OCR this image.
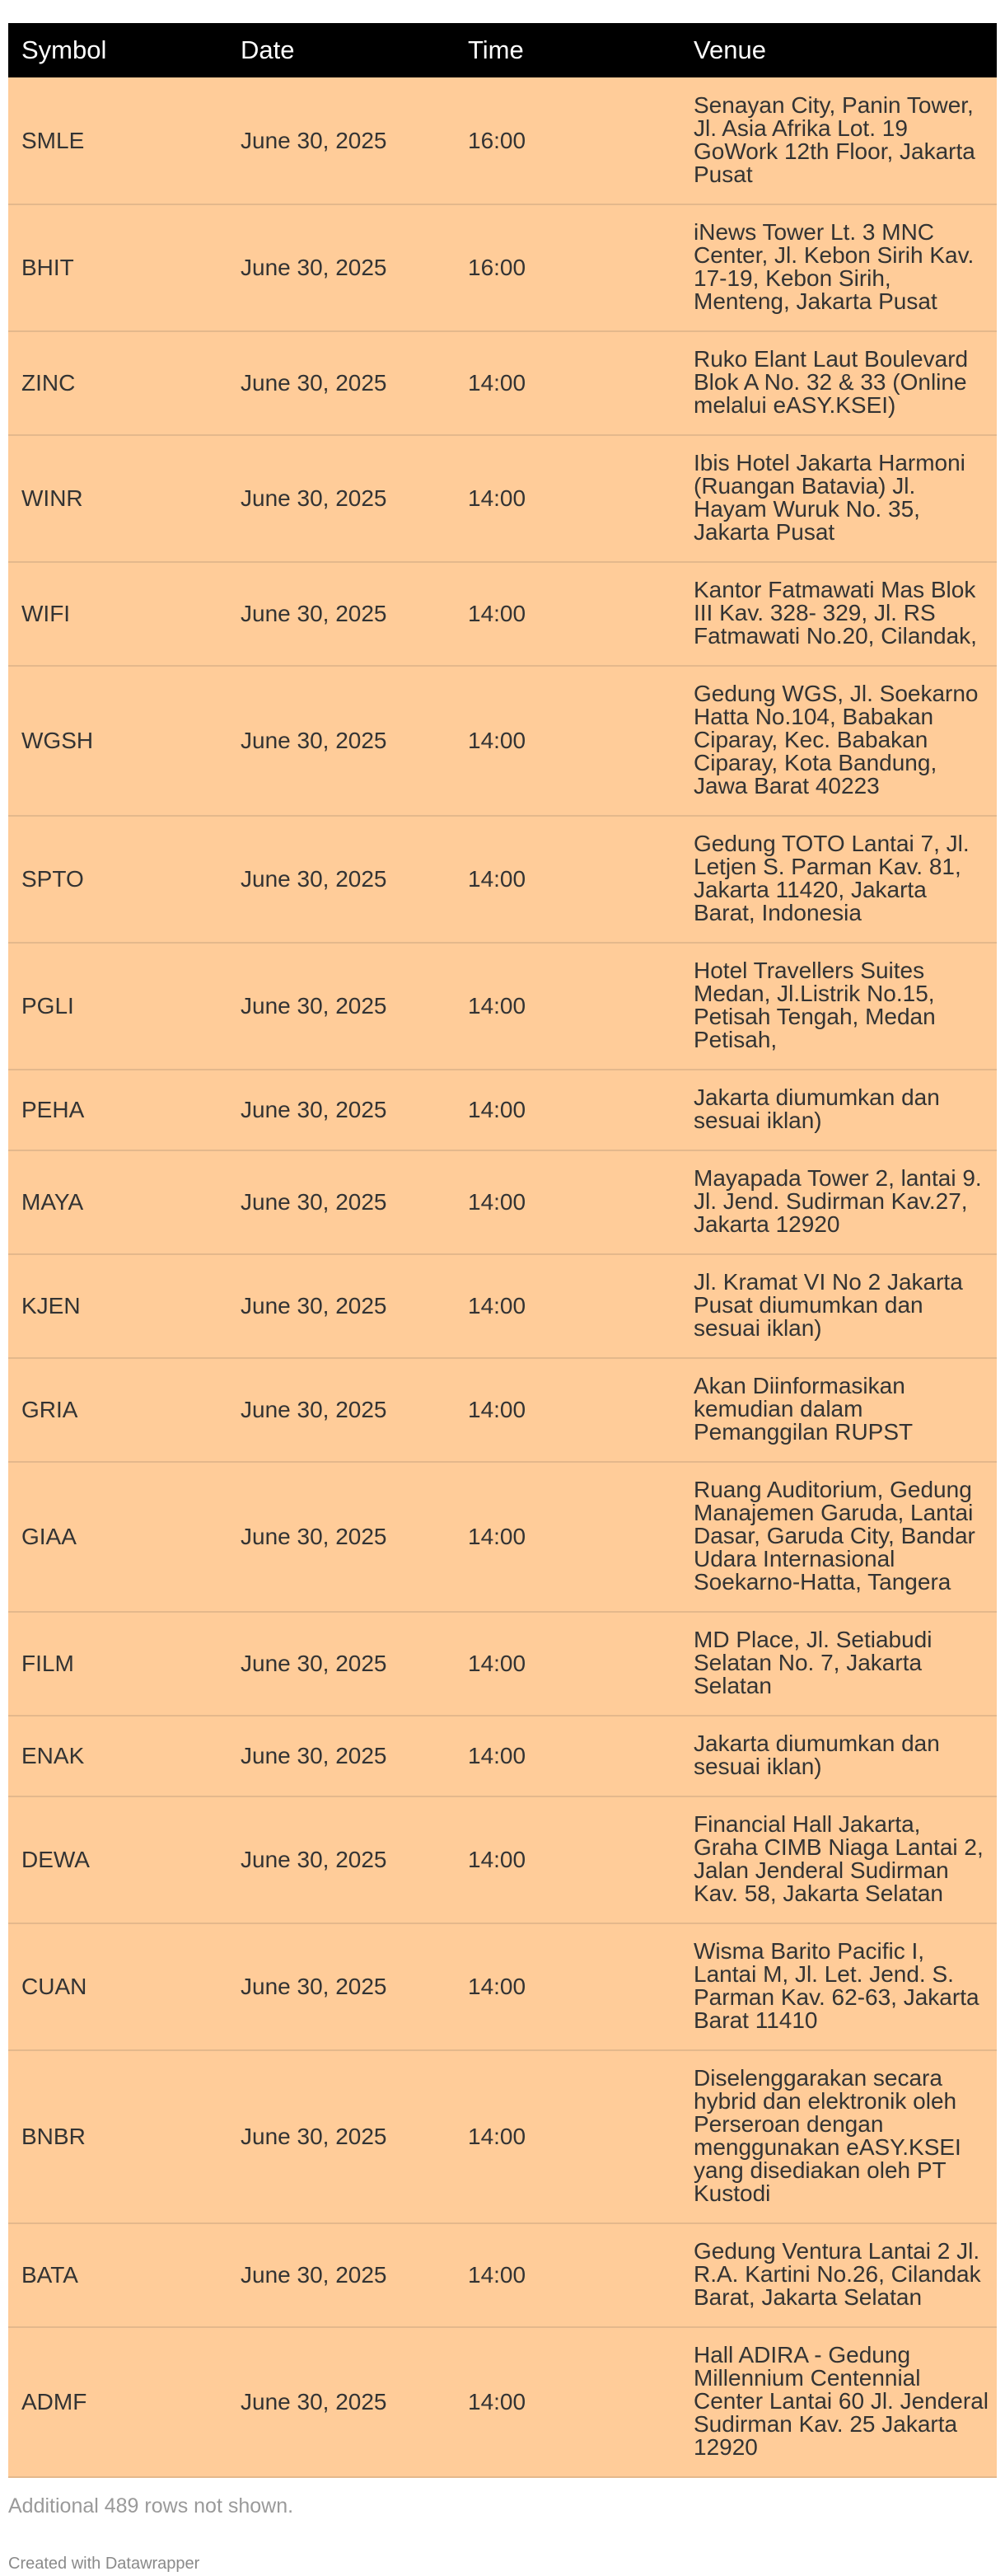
Symbol	Date	Time	Venue
SMLE	June 30, 2025	16:00	Senayan City, Panin Tower, Jl. Asia Afrika Lot. 19 GoWork 12th Floor, Jakarta Pusat
BHIT	June 30, 2025	16:00	iNews Tower Lt. 3 MNC Center, Jl. Kebon Sirih Kav. 17-19, Kebon Sirih, Menteng, Jakarta Pusat
ZINC	June 30, 2025	14:00	Ruko Elant Laut Boulevard Blok A No. 32 & 33 (Online melalui eASY.KSEI)
WINR	June 30, 2025	14:00	Ibis Hotel Jakarta Harmoni (Ruangan Batavia) Jl. Hayam Wuruk No. 35, Jakarta Pusat
WIFI	June 30, 2025	14:00	Kantor Fatmawati Mas Blok III Kav. 328- 329, Jl. RS Fatmawati No.20, Cilandak,
WGSH	June 30, 2025	14:00	Gedung WGS, Jl. Soekarno Hatta No.104, Babakan Ciparay, Kec. Babakan Ciparay, Kota Bandung, Jawa Barat 40223
SPTO	June 30, 2025	14:00	Gedung TOTO Lantai 7, Jl. Letjen S. Parman Kav. 81, Jakarta 11420, Jakarta Barat, Indonesia
PGLI	June 30, 2025	14:00	Hotel Travellers Suites Medan, Jl.Listrik No.15, Petisah Tengah, Medan Petisah,
PEHA	June 30, 2025	14:00	Jakarta diumumkan dan sesuai iklan)
MAYA	June 30, 2025	14:00	Mayapada Tower 2, lantai 9. Jl. Jend. Sudirman Kav.27, Jakarta 12920
KJEN	June 30, 2025	14:00	Jl. Kramat VI No 2 Jakarta Pusat diumumkan dan sesuai iklan)
GRIA	June 30, 2025	14:00	Akan Diinformasikan kemudian dalam Pemanggilan RUPST
GIAA	June 30, 2025	14:00	Ruang Auditorium, Gedung Manajemen Garuda, Lantai Dasar, Garuda City, Bandar Udara Internasional Soekarno-Hatta, Tangera
FILM	June 30, 2025	14:00	MD Place, Jl. Setiabudi Selatan No. 7, Jakarta Selatan
ENAK	June 30, 2025	14:00	Jakarta diumumkan dan sesuai iklan)
DEWA	June 30, 2025	14:00	Financial Hall Jakarta, Graha CIMB Niaga Lantai 2, Jalan Jenderal Sudirman Kav. 58, Jakarta Selatan
CUAN	June 30, 2025	14:00	Wisma Barito Pacific I, Lantai M, Jl. Let. Jend. S. Parman Kav. 62-63, Jakarta Barat 11410
BNBR	June 30, 2025	14:00	Diselenggarakan secara hybrid dan elektronik oleh Perseroan dengan menggunakan eASY.KSEI yang disediakan oleh PT Kustodi
BATA	June 30, 2025	14:00	Gedung Ventura Lantai 2 Jl. R.A. Kartini No.26, Cilandak Barat, Jakarta Selatan
ADMF	June 30, 2025	14:00	Hall ADIRA - Gedung Millennium Centennial Center Lantai 60 Jl. Jenderal Sudirman Kav. 25 Jakarta 12920
Additional 489 rows not shown.
Created with Datawrapper
